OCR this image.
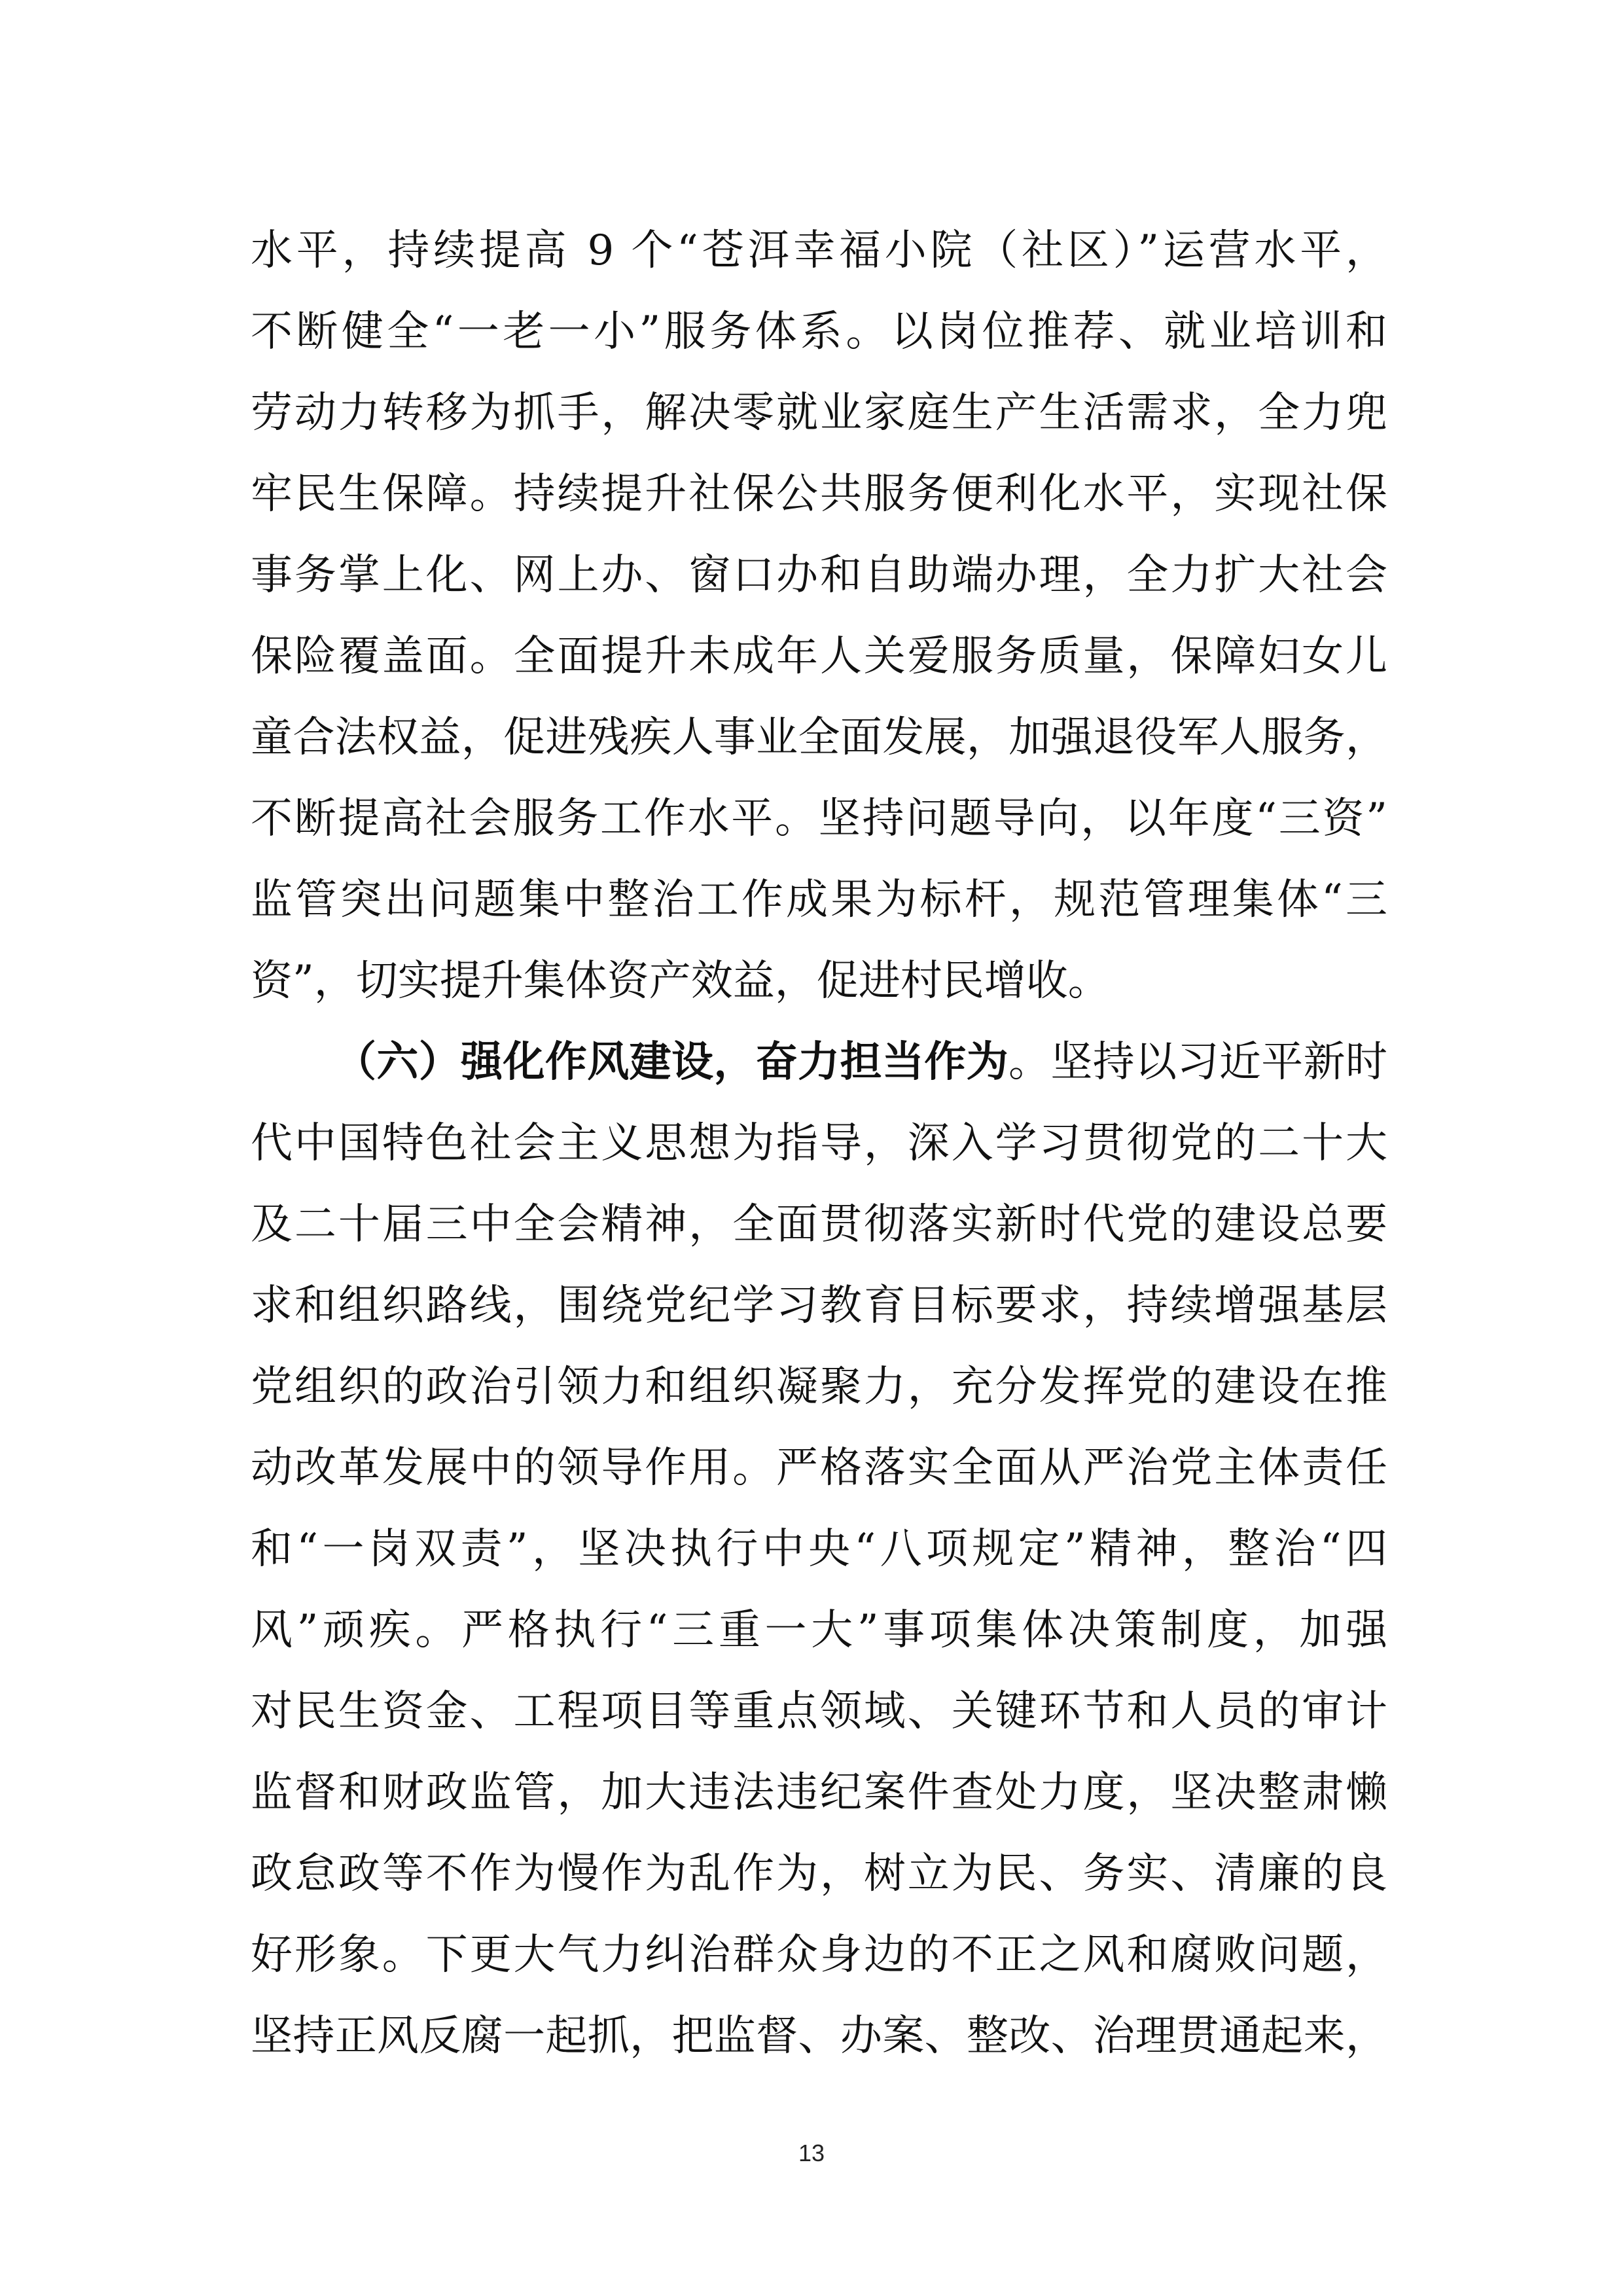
水平，持续提高 9 个“苍洱幸福小院（社区）”运营水平，
不断健全“一老一小”服务体系。以岗位推荐、就业培训和
劳动力转移为抓手，解决零就业家庭生产生活需求，全力兜
牢民生保障。持续提升社保公共服务便利化水平，实现社保
事务掌上化、网上办、窗口办和自助端办理，全力扩大社会
保险覆盖面。全面提升未成年人关爱服务质量，保障妇女儿
童合法权益，促进残疾人事业全面发展，加强退役军人服务，
不断提高社会服务工作水平。坚持问题导向，以年度“三资”
监管突出问题集中整治工作成果为标杆，规范管理集体“三
资”，切实提升集体资产效益，促进村民增收。
（六）强化作风建设，奋力担当作为。坚持以习近平新时
代中国特色社会主义思想为指导，深入学习贯彻党的二十大
及二十届三中全会精神，全面贯彻落实新时代党的建设总要
求和组织路线，围绕党纪学习教育目标要求，持续增强基层
党组织的政治引领力和组织凝聚力，充分发挥党的建设在推
动改革发展中的领导作用。严格落实全面从严治党主体责任
和“一岗双责”，坚决执行中央“八项规定”精神，整治“四
风”顽疾。严格执行“三重一大”事项集体决策制度，加强
对民生资金、工程项目等重点领域、关键环节和人员的审计
监督和财政监管，加大违法违纪案件查处力度，坚决整肃懒
政怠政等不作为慢作为乱作为，树立为民、务实、清廉的良
好形象。下更大气力纠治群众身边的不正之风和腐败问题，
坚持正风反腐一起抓，把监督、办案、整改、治理贯通起来，
13
